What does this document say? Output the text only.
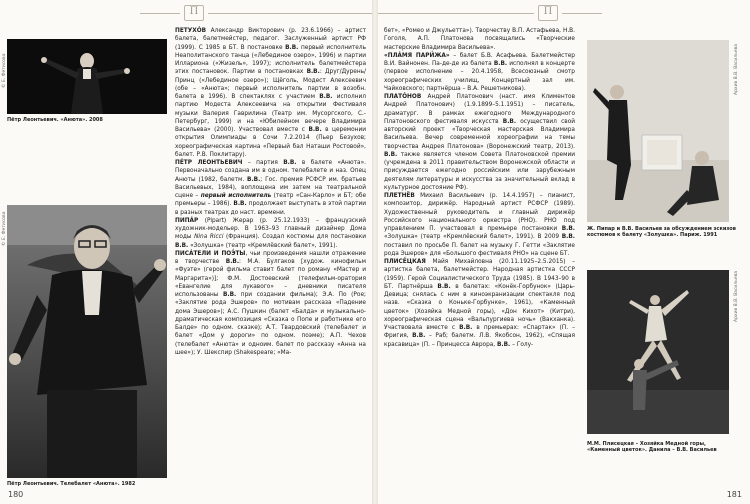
П
© Е. Фетисова
Пётр Леонтьевич. «Анюта». 2008
© Е. Фетисова
Пётр Леонтьевич. Телебалет «Анюта». 1982

ПЕТУХÓВ Александр Викторович (р. 23.6.1966) – артист балета, балетмейстер, педагог. Заслуженный артист РФ (1999). С 1985 в БТ. В постановке В.В. первый исполнитель Неаполитанского танца («Лебединое озеро», 1996) и партии Иллариона («Жизель», 1997); исполнитель балетмейстера этих постановок. Партии в постановках В.В.: Друг/Дурень/Принц («Лебединое озеро»); Щёголь, Модест Алексеевич (обе – «Анюта»; первый исполнитель партии в возобн. балета в 1996). В спектаклях с участием В.В. исполнил партию Модеста Алексеевича на открытии Фестиваля музыки Валерия Гаврилина (Театр им. Мусоргского, С.-Петербург, 1999) и на «Юбилейном вечере Владимира Васильева» (2000). Участвовал вместе с В.В. в церемонии открытия Олимпиады в Сочи 7.2.2014 (Пьер Безухов; хореографическая картина «Первый бал Наташи Ростовой», балет. Р.В. Поклитару).

ПÉТР ЛЕОНТЬЕВИЧ – партия В.В. в балете «Анюта». Первоначально создана им в одном. телебалете и наз. Опец Анюты (1982, балетм. В.В.; Гос. премия РСФСР им. братьев Васильевых, 1984), воплощена им затем на театральной сцене – первый исполнитель (театр «Сан-Карло» и БТ; обе премьеры – 1986). В.В. продолжает выступать в этой партии в разных театрах до наст. времени.

ПИПÁР (Pipart) Жерар (р. 25.12.1933) – французский художник-модельер. В 1963–93 главный дизайнер Дома моды Nina Ricci (Франция). Создал костюмы для постановки В.В. «Золушка» (театр «Кремлёвский балет», 1991).

ПИСÁТЕЛИ И ПОЭ́ТЫ, чьи произведения нашли отражение в творчестве В.В.: М.А. Булгаков [худож. кинофильм «Фуэте» (герой фильма ставит балет по роману «Мастер и Маргарита»)]; Ф.М. Достоевский (телефильм-оратория «Евангелие для лукавого» – дневники писателя использованы В.В. при создании фильма); Э.А. По (Рое; «Заклятие рода Эшеров» по мотивам рассказа «Падение дома Эшеров»); А.С. Пушкин (балет «Балда» и музыкально-драматическая композиция «Сказка о Попе и работнике его Балде» по одном. сказке); А.Т. Твардовский (телебалет и балет «Дом у дороги» по одном. поэме); А.П. Чехов (телебалет «Анюта» и одноим. балет по рассказу «Анна на шее»); У. Шекспир (Shakespeare; «Ма-

180
П

бет», «Ромео и Джульетта»). Творчеству В.П. Астафьева, Н.В. Гоголя, А.П. Платонова посвящались «Творческие мастерские Владимира Васильева».

«ПЛÁМЯ ПАРИ́ЖА» – балет Б.В. Асафьева. Балетмейстер В.И. Вайнонен. Па-де-де из балета В.В. исполнял в концерте (первое исполнение – 20.4.1958, Всесоюзный смотр хореографических училищ, Концертный зал им. Чайковского; партнёрша – В.А. Решетникова).

ПЛАТÓНОВ Андрей Платонович (наст. имя Климентов Андрей Платонович) (1.9.1899–5.1.1951) – писатель, драматург. В рамках ежегодного Международного Платоновского фестиваля искусств В.В. осуществил свой авторский проект «Творческая мастерская Владимира Васильева. Вечер современной хореографии на темы творчества Андрея Платонова» (Воронежский театр, 2013). В.В. также является членом Совета Платоновской премии (учреждена в 2011 правительством Воронежской области и присуждается ежегодно российским или зарубежным деятелям литературы и искусства за значительный вклад в культурное достояние РФ).

ПЛЕТНЁВ Михаил Васильевич (р. 14.4.1957) – пианист, композитор, дирижёр. Народный артист РСФСР (1989). Художественный руководитель и главный дирижёр Российского национального оркестра (РНО). РНО под управлением П. участвовал в премьере постановки В.В. «Золушка» (театр «Кремлёвский балет», 1991). В 2009 В.В. поставил по просьбе П. балет на музыку Г. Гетти «Заклятие рода Эшеров» для «Большого фестиваля РНО» на сцене БТ.

ПЛИСЕ́ЦКАЯ Майя Михайловна (20.11.1925–2.5.2015) – артистка балета, балетмейстер. Народная артистка СССР (1959). Герой Социалистического Труда (1985). В 1943–90 в БТ. Партнёрша В.В. в балетах: «Конёк-Горбунок» (Царь-Девица; снялась с ним в киноэкранизации спектакля под назв. «Сказка о Коньке-Горбунке», 1961), «Каменный цветок» (Хозяйка Медной горы), «Дон Кихот» (Китри), хореографическая сцена «Вальпургиева ночь» (Вакханка). Участвовала вместе с В.В. в премьерах: «Спартак» (П. – Фригия, В.В. – Раб; балетм. Л.В. Якобсон, 1962), «Спящая красавица» (П. – Принцесса Аврора, В.В. – Голу-

Архив В.В. Васильева
Ж. Пипар и В.В. Васильев за обсуждением эскизов костюмов к балету «Золушка». Париж. 1991
Архив В.В. Васильева
М.М. Плисецкая – Хозяйка Медной горы, «Каменный цветок». Данила – В.В. Васильев
181
